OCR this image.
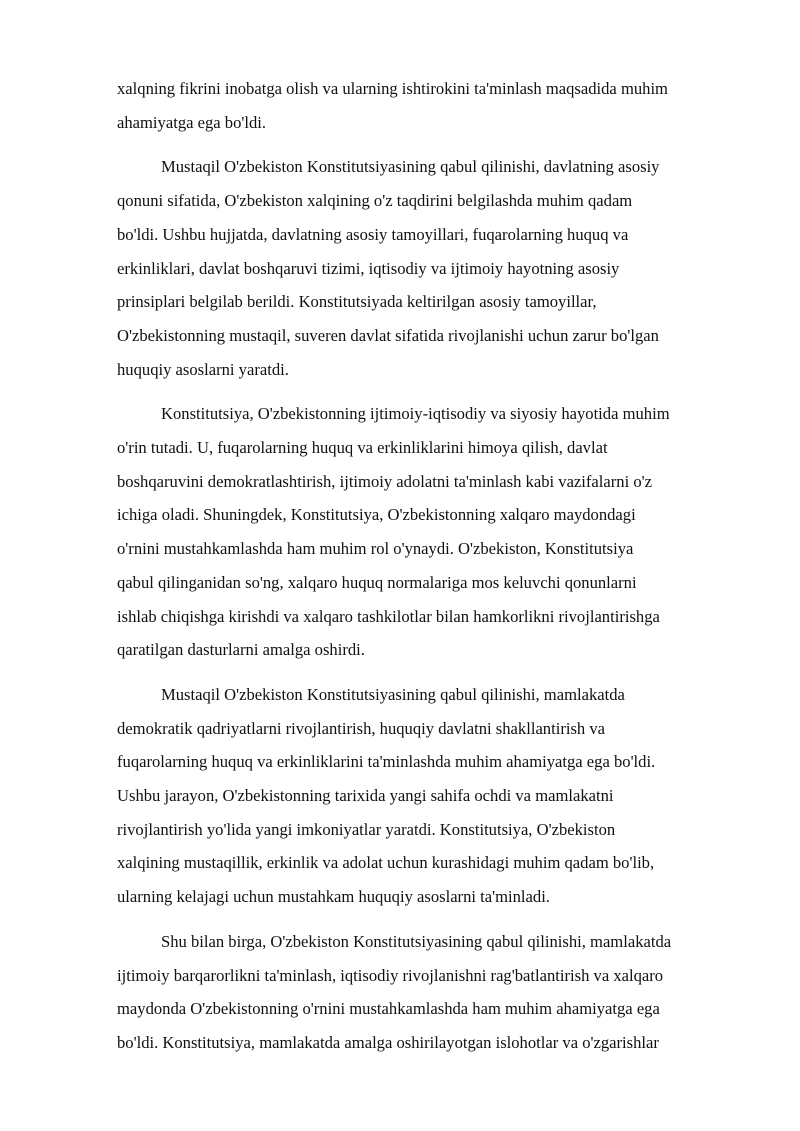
xalqning fikrini inobatga olish va ularning ishtirokini ta'minlash maqsadida muhim
ahamiyatga ega bo'ldi.
Mustaqil O'zbekiston Konstitutsiyasining qabul qilinishi, davlatning asosiy
qonuni sifatida, O'zbekiston xalqining o'z taqdirini belgilashda muhim qadam
bo'ldi. Ushbu hujjatda, davlatning asosiy tamoyillari, fuqarolarning huquq va
erkinliklari, davlat boshqaruvi tizimi, iqtisodiy va ijtimoiy hayotning asosiy
prinsiplari belgilab berildi. Konstitutsiyada keltirilgan asosiy tamoyillar,
O'zbekistonning mustaqil, suveren davlat sifatida rivojlanishi uchun zarur bo'lgan
huquqiy asoslarni yaratdi.
Konstitutsiya, O'zbekistonning ijtimoiy-iqtisodiy va siyosiy hayotida muhim
o'rin tutadi. U, fuqarolarning huquq va erkinliklarini himoya qilish, davlat
boshqaruvini demokratlashtirish, ijtimoiy adolatni ta'minlash kabi vazifalarni o'z
ichiga oladi. Shuningdek, Konstitutsiya, O'zbekistonning xalqaro maydondagi
o'rnini mustahkamlashda ham muhim rol o'ynaydi. O'zbekiston, Konstitutsiya
qabul qilinganidan so'ng, xalqaro huquq normalariga mos keluvchi qonunlarni
ishlab chiqishga kirishdi va xalqaro tashkilotlar bilan hamkorlikni rivojlantirishga
qaratilgan dasturlarni amalga oshirdi.
Mustaqil O'zbekiston Konstitutsiyasining qabul qilinishi, mamlakatda
demokratik qadriyatlarni rivojlantirish, huquqiy davlatni shakllantirish va
fuqarolarning huquq va erkinliklarini ta'minlashda muhim ahamiyatga ega bo'ldi.
Ushbu jarayon, O'zbekistonning tarixida yangi sahifa ochdi va mamlakatni
rivojlantirish yo'lida yangi imkoniyatlar yaratdi. Konstitutsiya, O'zbekiston
xalqining mustaqillik, erkinlik va adolat uchun kurashidagi muhim qadam bo'lib,
ularning kelajagi uchun mustahkam huquqiy asoslarni ta'minladi.
Shu bilan birga, O'zbekiston Konstitutsiyasining qabul qilinishi, mamlakatda
ijtimoiy barqarorlikni ta'minlash, iqtisodiy rivojlanishni rag'batlantirish va xalqaro
maydonda O'zbekistonning o'rnini mustahkamlashda ham muhim ahamiyatga ega
bo'ldi. Konstitutsiya, mamlakatda amalga oshirilayotgan islohotlar va o'zgarishlar
